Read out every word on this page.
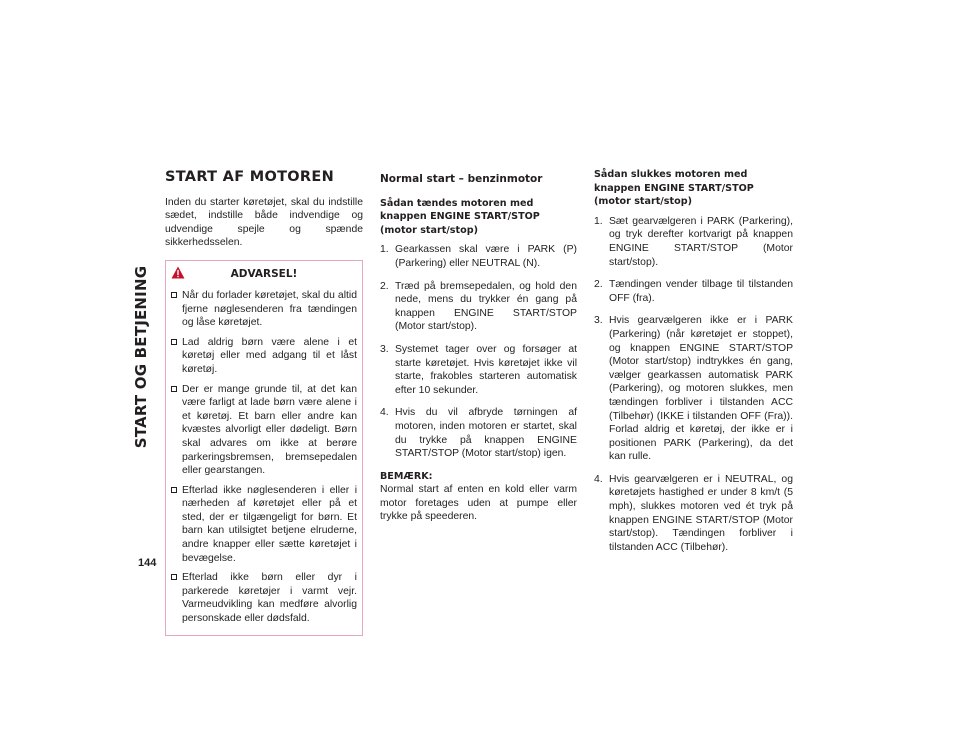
START OG BETJENING
144
START AF MOTOREN

Inden du starter køretøjet, skal du indstille sædet, indstille både indvendige og udvendige spejle og spænde sikkerhedsselen.

ADVARSEL!
Når du forlader køretøjet, skal du altid fjerne nøglesenderen fra tændingen og låse køretøjet.
Lad aldrig børn være alene i et køretøj eller med adgang til et låst køretøj.
Der er mange grunde til, at det kan være farligt at lade børn være alene i et køretøj. Et barn eller andre kan kvæstes alvorligt eller dødeligt. Børn skal advares om ikke at berøre parkeringsbremsen, bremsepedalen eller gearstangen.
Efterlad ikke nøglesenderen i eller i nærheden af køretøjet eller på et sted, der er tilgængeligt for børn. Et barn kan utilsigtet betjene elruderne, andre knapper eller sætte køretøjet i bevægelse.
Efterlad ikke børn eller dyr i parkerede køretøjer i varmt vejr. Varmeudvikling kan medføre alvorlig personskade eller dødsfald.
Normal start – benzinmotor
Sådan tændes motoren med knappen ENGINE START/STOP (motor start/stop)
1. Gearkassen skal være i PARK (P) (Parkering) eller NEUTRAL (N).
2. Træd på bremsepedalen, og hold den nede, mens du trykker én gang på knappen ENGINE START/STOP (Motor start/stop).
3. Systemet tager over og forsøger at starte køretøjet. Hvis køretøjet ikke vil starte, frakobles starteren automatisk efter 10 sekunder.
4. Hvis du vil afbryde tørningen af motoren, inden motoren er startet, skal du trykke på knappen ENGINE START/STOP (Motor start/stop) igen.
BEMÆRK:

Normal start af enten en kold eller varm motor foretages uden at pumpe eller trykke på speederen.

Sådan slukkes motoren med knappen ENGINE START/STOP (motor start/stop)
1. Sæt gearvælgeren i PARK (Parkering), og tryk derefter kortvarigt på knappen ENGINE START/STOP (Motor start/stop).
2. Tændingen vender tilbage til tilstanden OFF (fra).
3. Hvis gearvælgeren ikke er i PARK (Parkering) (når køretøjet er stoppet), og knappen ENGINE START/STOP (Motor start/stop) indtrykkes én gang, vælger gearkassen automatisk PARK (Parkering), og motoren slukkes, men tændingen forbliver i tilstanden ACC (Tilbehør) (IKKE i tilstanden OFF (Fra)). Forlad aldrig et køretøj, der ikke er i positionen PARK (Parkering), da det kan rulle.
4. Hvis gearvælgeren er i NEUTRAL, og køretøjets hastighed er under 8 km/t (5 mph), slukkes motoren ved ét tryk på knappen ENGINE START/STOP (Motor start/stop). Tændingen forbliver i tilstanden ACC (Tilbehør).
